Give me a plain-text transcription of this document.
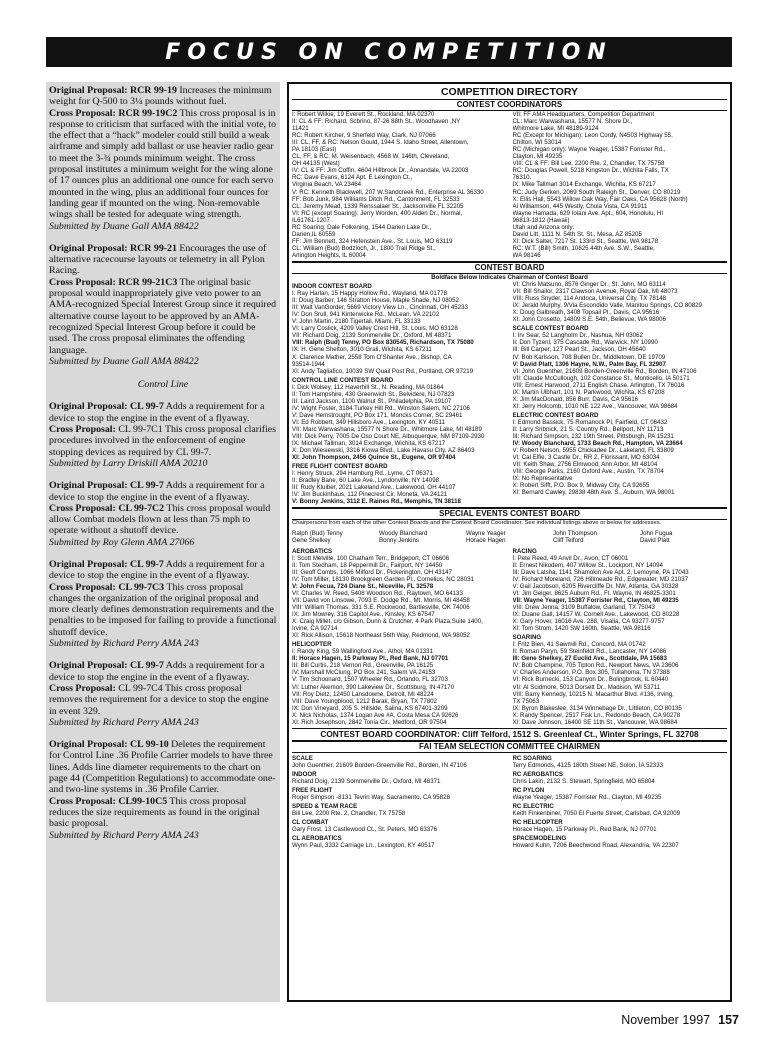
FOCUS ON COMPETITION
Original Proposal: RCR 99-19 Increases the minimum weight for Q-500 to 3¼ pounds without fuel.
Cross Proposal: RCR 99-19C2 This cross proposal is in response to criticism that surfaced with the initial vote, to the effect that a “hack” modeler could still build a weak airframe and simply add ballast or use heavier radio gear to meet the 3-¾ pounds minimum weight. The cross proposal institutes a minimum weight for the wing alone of 17 ounces plus an additional one ounce for each servo mounted in the wing, plus an additional four ounces for landing gear if mounted on the wing. Non-removable wings shall be tested for adequate wing strength.
Submitted by Duane Gall AMA 88422
Original Proposal: RCR 99-21 Encourages the use of alternative racecourse layouts or telemetry in all Pylon Racing.
Cross Proposal: RCR 99-21C3 The original basic proposal would inappropriately give veto power to an AMA-recognized Special Interest Group since it required alternative course layout to be approved by an AMA-recognized Special Interest Group before it could be used. The cross proposal eliminates the offending language.
Submitted by Duane Gall AMA 88422
Control Line
Original Proposal: CL 99-7 Adds a requirement for a device to stop the engine in the event of a flyaway.
Cross Proposal: CL 99-7C1 This cross proposal clarifies procedures involved in the enforcement of engine stopping devices as required by CL 99-7.
Submitted by Larry Driskill AMA 20210
Original Proposal: CL 99-7 Adds a requirement for a device to stop the engine in the event of a flyaway.
Cross Proposal: CL 99-7C2 This cross proposal would allow Combat models flown at less than 75 mph to operate without a shutoff device.
Submitted by Roy Glenn AMA 27066
Original Proposal: CL 99-7 Adds a requirement for a device to stop the engine in the event of a flyaway.
Cross Proposal: CL 99-7C3 This cross proposal changes the organization of the original proposal and more clearly defines demonstration requirements and the penalties to be imposed for failing to provide a functional shutoff device.
Submitted by Richard Perry AMA 243
Original Proposal: CL 99-7 Adds a requirement for a device to stop the engine in the event of a flyaway.
Cross Proposal: CL 99-7C4 This cross proposal removes the requirement for a device to stop the engine in event 329.
Submitted by Richard Perry AMA 243
Original Proposal: CL 99-10 Deletes the requirement for Control Line .36 Profile Carrier models to have three lines. Adds line diameter requirements to the chart on page 44 (Competition Regulations) to accommodate one- and two-line systems in .36 Profile Carrier.
Cross Proposal: CL99-10C5 This cross proposal reduces the size requirements as found in the original basic proposal.
Submitted by Richard Perry AMA 243
COMPETITION DIRECTORY
CONTEST COORDINATORS
I: Robert Wilkie, 19 Everett St., Rockland, MA 02370
II: CL & FF: Richard. Scbrino, 87-26 88th St., Woodhaven ,NY
11421
RC: Robert Kircher, 9 Sherfeld Way, Clark, NJ 07066
III: CL, FF, & RC: Nelson Gould, 1944 S. Idaho Street, Allentown,
PA 18103 (East)
CL, FF, & RC: M. Weisenbach, 4568 W. 146th, Cleveland,
OH 44135 (West)
IV: CL & FF: Jim Coffin, 4604 Hillbrook Dr., Annandale, VA 22003
RC: Dave Evans, 6124 Apt. E Lexington Ct.,
Virginia Beach, VA 23464
V: RC: Kenneth Blackwell, 207 W.Sandcreek Rd., Enterprise AL 36330
FF: Bob Junk, 984 Williams Ditch Rd., Cantonment, FL 32533
CL: Jeremy Mead, 1339 Renssalaer St., Jacksonville FL 32205
VI: RC (except Soaring): Jerry Worden, 400 Alden Dr., Normal,
IL61761-1207
RC Soaring: Dale Folkening, 1544 Darien Lake Dr.,
Darien,IL 60559
FF: Jim Bennett, 324 Hefenstein Ave., St. Louis, MO 63119
CL: William (Bud) Bodzloch, Jr., 1800 Trail Ridge St.,
Arlington Heights, IL 60004
VII: FF AMA Headquarters, Competition Department
CL: Marc Warwashana, 15577 N. Shore Dr.,
Whitmore Lake, MI 48189-9124
RC (Except for Michigan): Leon Cordy, N4503 Highway 55,
Chilton, WI 53014
RC (Michigan only): Wayne Yeager, 15387 Forrister Rd.,
Clayton, MI 49235
VIII: CL & FF: Bill Lee, 2200 Rte. 2, Chandler, TX 75758
RC: Douglas Powell, 5218 Kingston Dr., Wichita Falls, TX
76310.
IX: Mike Tallman 3014 Exchange, Wichita, KS 67217
RC: Judy Gerken, 2069 South Raleigh St., Denver, CO 80219
X: Ellis Hall, 5543 Willow Oak Way, Fair Oaks, CA 95628 (North)
Al Williamson, 445 Westly, Chula Vista, CA 91911
Wayne Hamada, 629 Iolani Ave. Apt., 604, Honolulu, HI
96813-1812 (Hawaii)
Utah and Arizona only:
David Litt, 1111 N. 54th St. St., Mesa, AZ 85205
XI: Dick Salter, 7217 St. 133rd St., Seattle, WA 98178
RC: W.T. (Bill) Smith, 10825 44th Ave. S.W., Seattle,
WA 98146
CONTEST BOARD
Boldface Below Indicates Chairman of Contest Board
INDOOR CONTEST BOARD
I: Ray Harlan, 15 Happy Hollow Rd., Wayland, MA 01778
II: Doug Barber, 146 Stratton House, Maple Shade, NJ 08052
III: Walt VanGorder, 5669 Victory View Ln., Cincinnati, OH 45233
IV: Don Srull, 941 Kinterwicke Rd., McLean, VA 22102
V: John Martin, 2180 Tigertail, Miami, FL 33133
VI: Larry Coslick, 4209 Valley Crest Hill, St. Louis, MO 63128
VII: Richard Doig, 2139 Sommerville Dr., Oxford, MI 48371
VIII: Ralph (Bud) Tenny, PO Box 830545, Richardson, TX 75080
IX: H. Gene Shelton, 3010 Grail, Wichita, KS 67211
X: Clarence Mather, 2558 Tom O'Shanter Ave., Bishop, CA
93514-1944
XI: Andy Tagliafico, 10039 SW Quail Post Rd., Portland, OR 97219
CONTROL LINE CONTEST BOARD
I: Dick Wolsey, 112 Haverhill St., N. Reading, MA 01864
II: Tom Hampshire, 430 Greenwich St., Belvidere, NJ 07823
III: Laird Jackson, 1100 Walnut St., Philadelphia, PA 19107
IV: Wight Foster, 3184 Turkey Hill Rd., Winston Salem, NC 27106
V: Dave Hemstrought, PO Box 171, Moncks Corner, SC 29461
VI: Ed Robbert, 349 Hillsboro Ave., Lexington, KY 40511
VII: Marc Warwashana, 15577 N Shore Dr., Whitmore Lake, MI 48189
VIII: Dick Perry, 7005 De Oso Court NE, Albuquerque, NM 87109-2930
IX: Michael Tallman, 3014 Exchange, Wichita, KS 67217
X: Don Wiesiewski, 3316 Kiowa Blvd., Lake Havasu City, AZ 86403
XI: John Thompson, 2456 Quince St., Eugene, OR 97404
FREE FLIGHT CONTEST BOARD
I: Henry Struck, 294 Hamburg Rd., Lyme, CT 06371
II: Bradley Bane, 60 Lake Ave., Lyndonville, NY 14098
III: Rudy Kluiber, 2021 Lakeland Ave., Lakewood, OH 44107
IV: Jim Buckinhaus, 112 Pinecrest Cir, Moneta, VA 24121
V: Bonny Jenkins, 3112 E. Raines Rd., Memphis, TN 38118
VI: Chris Matsuno, 8576 Ginger Dr., St. John, MO 63114
VII: Bill Shailor, 2317 Clawson Avenue, Royal Oak, MI 48073
VIII: Russ Snyder, 114 Andoca, Universal City, TX 78148
IX: Jerald Murphy, 9/Via Escondido Valle, Manitou Springs, CO 80829
X: Doug Galbreath, 3408 Topsail Pl., Davis, CA 95616
XI: John Crosetto, 14809 S.E. 54th, Bellevue, WA 98006
SCALE CONTEST BOARD
I: Irv Sear, 52 Langholm Dr., Nashua, NH 03062
II: Don Tyzenl, 375 Cascade Rd., Warwick, NY 10990
III: Bill Carper, 127 Pearl St., Jackson, OH 45640
IV: Bob Karlsson, 708 Bullen Dr., Middletown, DE 19709
V: David Platt, 1306 Hayne, N.W., Palm Bay, FL 32907
VI: John Guenther, 21609 Borden-Greenville Rd., Borden, IN 47106
VII: Claude McCullough, 102 Constance St., Monticello, IA 50171
VIII: Ernest Harwood, 2711 English Chase, Arlington, TX 76016
IX: Martin Ulbhart, 101 N. Parkwood, Wichita, KS 67208
X: Jim MacDonald, 856 Burr, Davis, CA 95616
XI: Jerry Holcomb, 1010 NE 122 Ave., Vancouver, WA 98684
ELECTRIC CONTEST BOARD
I: Edmond Bassick, 75 Romanock Pl, Fairfield, CT 06432
II: Larry Sribnick, 21 S. Country Rd., Bellport, NY 11713
III: Richard Simpson, 132 19th Street, Pittsburgh, PA 15231
IV: Woody Blanchard, 1733 Beach Rd., Hampton, VA 23664
V: Robert Nelson, 5955 Chickadee Dr., Lakeland, FL 33809
VI: Cal Elfie, 3 Castle Dr., RR 2, Florissant, MO 63034
VII: Keith Shaw, 2756 Elmwood, Ann Arbor, MI 48104
VIII: George Parks, 2160 Oxford Ave., Austin, TX 78704
IX: No Representative
X: Robert Sifft, P.O. Box 9, Midway City, CA 92655
XI: Bernard Cawley, 29838 48th Ave. S., Auburn, WA 98001
SPECIAL EVENTS CONTEST BOARD
Chairpersons from each of the other Contest Boards and the Contest Board Coordinator. See individual listings above or below for addresses.
Ralph (Bud) Tenny	Woody Blanchard	Wayne Yeager	John Thompson	John Fugua
Gene Shelkey	Bonny Jenkins	Horace Hagen	Cliff Telford	David Platt
AEROBATICS
I: Scott Melville, 100 Chatham Terr., Bridgeport, CT 06606
II: Tom Stedham, 18 Peppermill Dr., Fairport, NY 14450
III: Geoff Combs, 1066 Milford Dr., Pickerington, OH 43147
IV: Tom Miller, 18130 Brookgreen Garden Pl., Cornelius, NC 28031
V: John Fecua, 724 Diane St., Niceville, FL 32578
VI: Charles W. Reed, 5408 Woodson Rd., Raytown, MO 64133
VII: David von Linsowe, 7093 E. Dodge Rd., Mt. Morris, MI 48458
VIII: William Thomas, 331 S.E. Rockwood, Bartlesville, OK 74006
IX: Jim Mowrey, 316 Capitol Ave., Kinsley, KS 67547
X: Craig Millet, c/o Gibson, Dunn & Crutcher, 4 Park Plaza,Suite 1400,
Irvine, CA 92714
XI: Rick Allison, 15618 Northeast 56th Way, Redmond, WA 98052
HELICOPTER
I: Randy King, 59 Wallingford Ave., Athol, MA 01331
II: Horace Hagen, 15 Parkway Pl., Red Bank, NJ 07701
III: Bill Curtis, 218 Vernon Rd., Greenville, PA 16125
IV: Marshall McClung, PO Box 241, Salem VA 24153
V: Tim Schoonard, 1507 Wheeler Rd., Orlando, FL 32703
VI: Luther Akemon, 390 Lakeview Dr., Scottsburg, IN 47170
VII: Roy Dietz, 12450 Lansdowne, Detroit, MI 48224
VIII: Dave Youngblood, 1212 Barak, Bryan, TX 77802
IX: Don Vineyard, 205 S. Hillside, Salina, KS 67401-3209
X: Nick Nicholas, 1374 Logan Ave #A, Costa Mesa CA 92626
XI: Rich Josephson, 2842 Tonia Cir., Medford, OR 97504
RACING
I: Pete Reed, 49 Anvil Dr., Avon, CT 06001
II: Ernest Nikodem, 407 Willow St., Lockport, NY 14094
III: Dave Latsha, 1141 Shamokin Ave Apt. 2, Lemoyne, PA 17043
IV: Richard Moreland, 726 Hillmeade Rd., Edgewater, MD 21037
V: Gail Jacobson, 6205 Rivercliffe Dr. NW, Atlanta, GA 30328
VI: Jim Geiger, 8625 Auburn Rd., Ft. Wayne, IN 46825-3301
VII: Wayne Yeager, 15387 Forrister Rd., Clayton, MI 49235
VIII: Drew Jenna, 3109 Buffalow, Garland, TX 75043
IX: Duane Gall, 14157 W. Cornell Ave., Lakewood, CO 80228
X: Gary Hover, 16016 Ave. 288, Visalia, CA 93277-9757
XI: Tom Strom, 1420 SW 160th, Seattle, WA 98116
SOARING
I: Fritz Bien, 41 Sawmill Rd., Concord, MA 01742
II: Roman Paryn, 59 Steinfeldt Rd., Lancaster, NY 14086
III: Gene Shelkey, 27 Euclid Ave., Scottdale, PA 15683
IV: Bob Champine, 705 Tipton Rd., Newport News, VA 23606
V: Charles Anderson, P.O. Box 305, Tullahoma, TN 37388
VI: Rick Burnecki, 153 Canyon Dr., Bolingbrook, IL 60440
VII: Al Scidmore, 5013 Dorsett Dr., Madison, WI 53711
VIII: Barry Kennedy, 10215 N. Macarthur Blvd. #136, Irving,
TX 75063
IX: Byron Blakeslee, 3134 Winnebage Dr., Littleton, CO 80135
X: Randy Spencer, 2517 Fisk Ln., Redondo Beach, CA 90278
XI: Dave Johnson, 16400 SE 11th St., Vancouver, WA 98684
CONTEST BOARD COORDINATOR: Cliff Telford, 1512 S. Greenleaf Ct., Winter Springs, FL 32708
FAI TEAM SELECTION COMMITTEE CHAIRMEN
SCALE
John Guenther, 21609 Borden-Greenville Rd., Borden, IN 47106
INDOOR
Richard Doig, 2139 Sommerville Dr., Oxford, MI 48371
FREE FLIGHT
Roger Simpson -8131 Tevrin Way, Sacramento, CA 95828
SPEED & TEAM RACE
Bill Lee, 2200 Rte. 2, Chandler, TX 75758
CL COMBAT
Gary Frost, 13 Castlewood Ct., St. Peters, MO 63376
CL AEROBATICS
Wynn Paul, 3332 Carriage Ln., Lexington, KY 40517
RC SOARING
Terry Edmonds, 4125 180th Street NE, Solon, IA 52333
RC AEROBATICS
Chris Lakin, 2132 S. Stewart, Springfield, MO 65804
RC PYLON
Wayne Yeager, 15387 Forrister Rd., Clayton, MI 49235
RC ELECTRIC
Keith Finkenbiner, 7050 El Fuerte Street, Carlsbad, CA 92009
RC HELICOPTER
Horace Hagen, 15 Parkway Pl., Red Bank, NJ 07701
SPACEMODELING
Howard Kuhn, 7206 Beechwood Road, Alexandria, VA 22307
November 1997 157
